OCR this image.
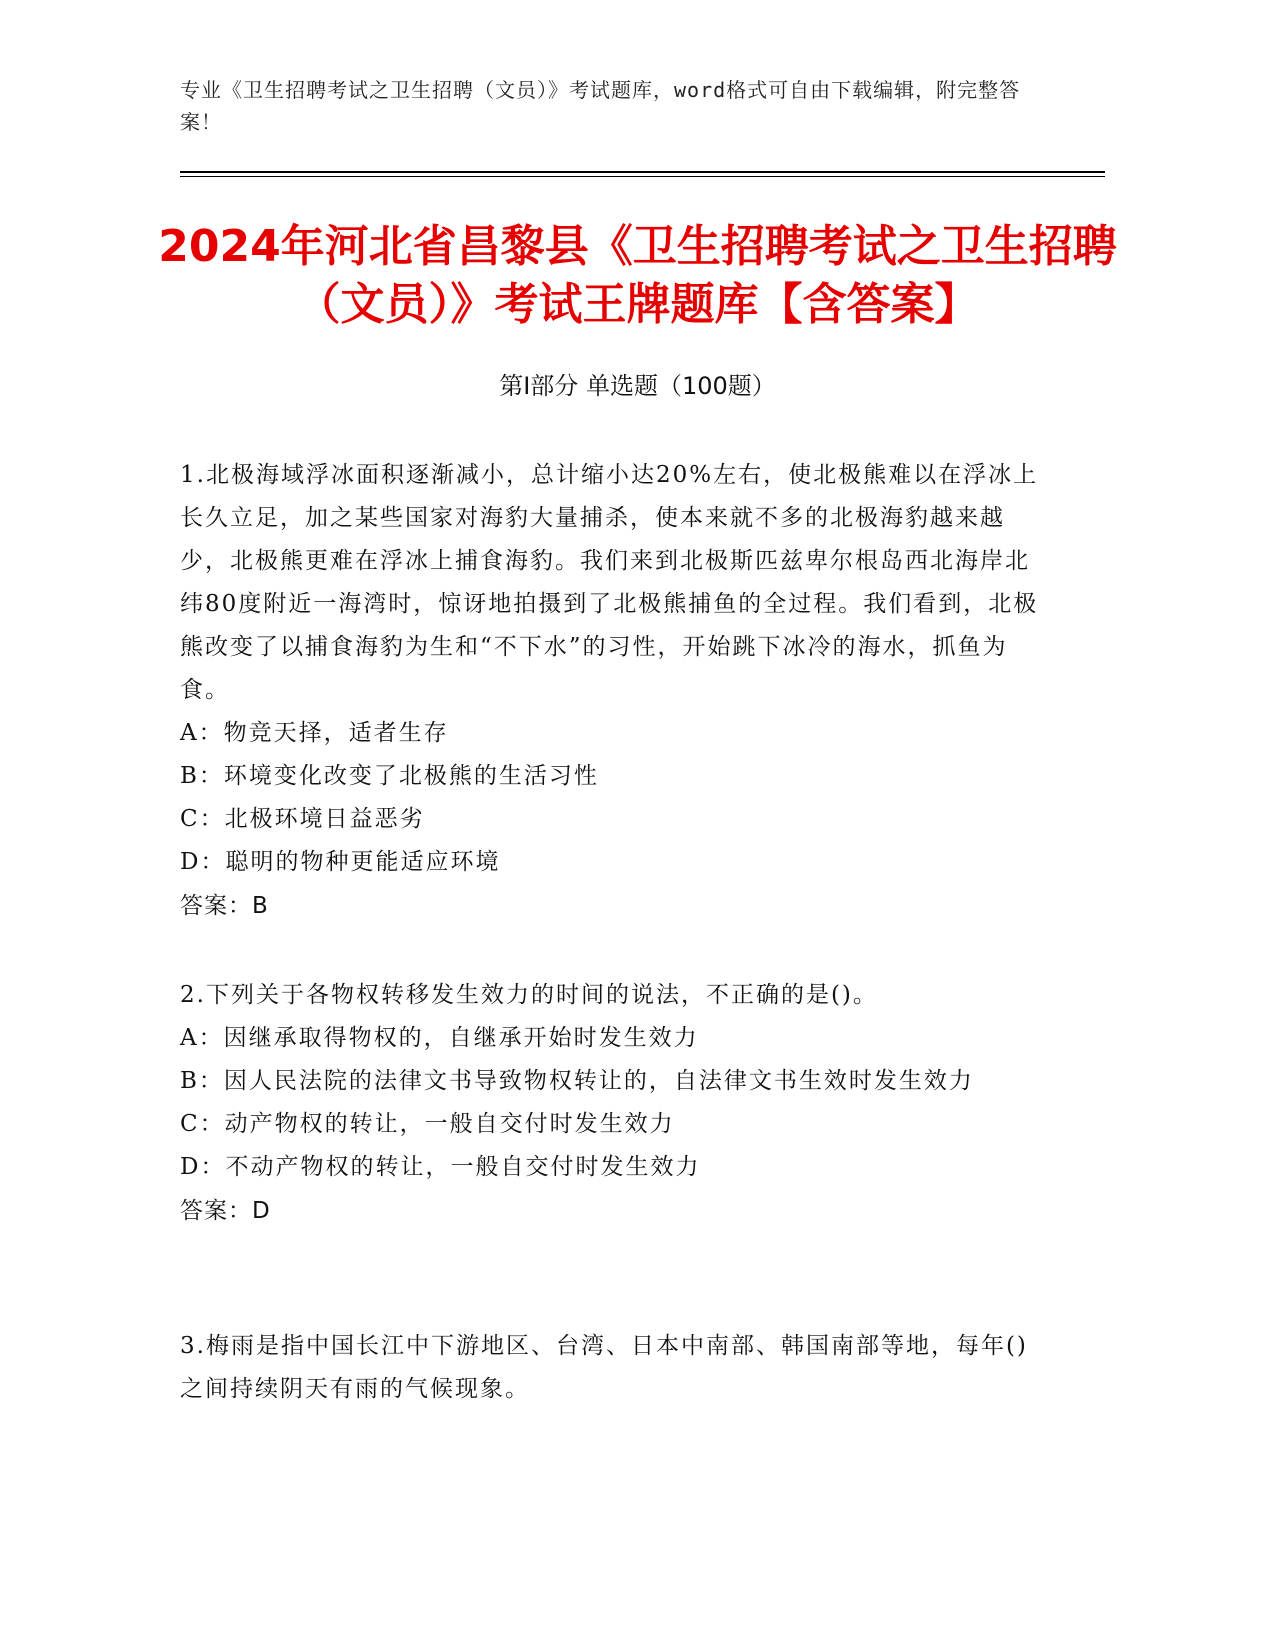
专业《卫生招聘考试之卫生招聘（文员）》考试题库，word格式可自由下载编辑，附完整答案！
2024年河北省昌黎县《卫生招聘考试之卫生招聘（文员）》考试王牌题库【含答案】
第I部分 单选题（100题）

1.北极海域浮冰面积逐渐减小，总计缩小达20%左右，使北极熊难以在浮冰上长久立足，加之某些国家对海豹大量捕杀，使本来就不多的北极海豹越来越少，北极熊更难在浮冰上捕食海豹。我们来到北极斯匹兹卑尔根岛西北海岸北纬80度附近一海湾时，惊讶地拍摄到了北极熊捕鱼的全过程。我们看到，北极熊改变了以捕食海豹为生和“不下水”的习性，开始跳下冰冷的海水，抓鱼为食。

A：物竞天择，适者生存

B：环境变化改变了北极熊的生活习性

C：北极环境日益恶劣

D：聪明的物种更能适应环境

答案：B

2.下列关于各物权转移发生效力的时间的说法，不正确的是()。

A：因继承取得物权的，自继承开始时发生效力

B：因人民法院的法律文书导致物权转让的，自法律文书生效时发生效力

C：动产物权的转让，一般自交付时发生效力

D：不动产物权的转让，一般自交付时发生效力

答案：D

3.梅雨是指中国长江中下游地区、台湾、日本中南部、韩国南部等地，每年()之间持续阴天有雨的气候现象。
